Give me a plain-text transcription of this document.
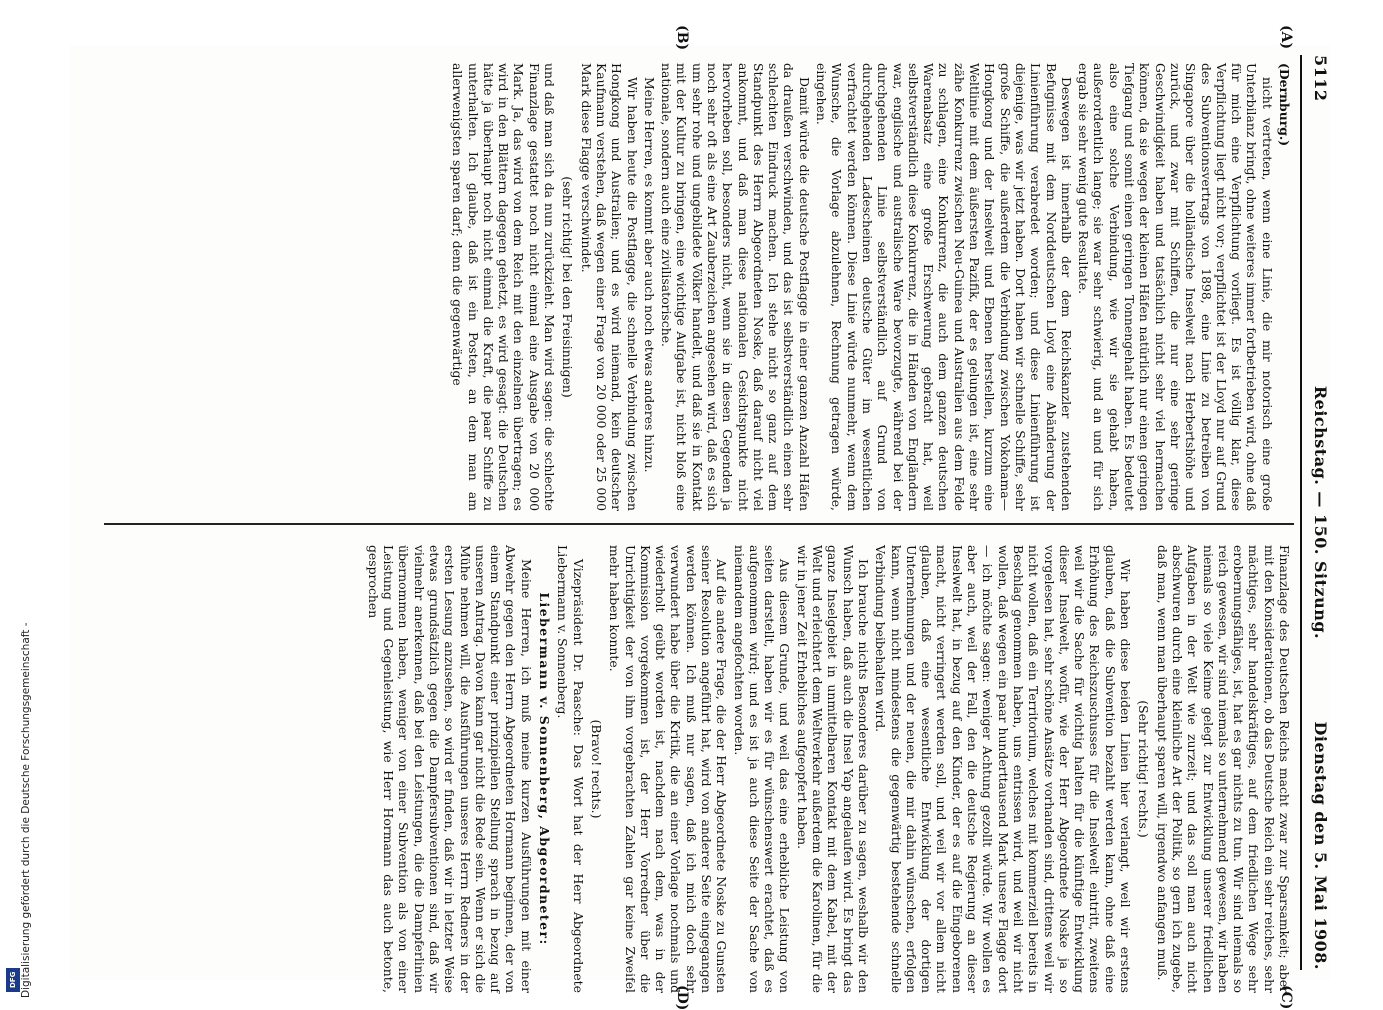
5112
Reichstag. — 150. Sitzung.
Dienstag den 5. Mai 1908.
(A)
(B)
(C)
(D)

(Dernburg.)

nicht vertreten, wenn eine Linie, die mir notorisch eine große Unterbilanz bringt, ohne weiteres immer fortbetrieben wird, ohne daß für mich eine Verpflichtung vorliegt. Es ist völlig klar, diese Verpflichtung liegt nicht vor; verpflichtet ist der Lloyd nur auf Grund des Subventionsvertrags von 1898, eine Linie zu betreiben von Singapore über die holländische Inselwelt nach Herbertshöhe und zurück, und zwar mit Schiffen, die nur eine sehr geringe Geschwindigkeit haben und tatsächlich nicht sehr viel hermachen können, da sie wegen der kleinen Häfen natürlich nur einen geringen Tiefgang und somit einen geringen Tonnengehalt haben. Es bedeutet also eine solche Verbindung, wie wir sie gehabt haben, außerordentlich lange; sie war sehr schwierig, und an und für sich ergab sie sehr wenig gute Resultate.

Deswegen ist innerhalb der dem Reichskanzler zustehenden Befugnisse mit dem Norddeutschen Lloyd eine Abänderung der Linienführung verabredet worden; und diese Linienführung ist diejenige, was wir jetzt haben. Dort haben wir schnelle Schiffe, sehr große Schiffe, die außerdem die Verbindung zwischen Yokohama—Hongkong und der Inselwelt und Ebenen herstellen, kurzum eine Weltlinie mit dem äußersten Pazifik, der es gelungen ist, eine sehr zähe Konkurrenz zwischen Neu-Guinea und Australien aus dem Felde zu schlagen, eine Konkurrenz, die auch dem ganzen deutschen Warenabsatz eine große Erschwerung gebracht hat, weil selbstverständlich diese Konkurrenz, die in Händen von Engländern war, englische und australische Ware bevorzugte, während bei der durchgehenden Linie selbstverständlich auf Grund von durchgehenden Ladescheinen deutsche Güter im wesentlichen verfrachtet werden können. Diese Linie würde nunmehr, wenn dem Wunsche, die Vorlage abzulehnen, Rechnung getragen würde, eingehen.

Damit würde die deutsche Postflagge in einer ganzen Anzahl Häfen da draußen verschwinden, und das ist selbstverständlich einen sehr schlechten Eindruck machen. Ich stehe nicht so ganz auf dem Standpunkt des Herrn Abgeordneten Noske, daß darauf nicht viel ankommt, und daß man diese nationalen Gesichtspunkte nicht hervorheben soll, besonders nicht, wenn sie in diesen Gegenden ja noch sehr oft als eine Art Zauberzeichen angesehen wird, daß es sich um sehr rohe und ungebildete Völker handelt, und daß sie in Kontakt mit der Kultur zu bringen, eine wichtige Aufgabe ist, nicht bloß eine nationale, sondern auch eine zivilisatorische.

Meine Herren, es kommt aber auch noch etwas anderes hinzu.

Wir haben heute die Postflagge, die schnelle Verbindung zwischen Hongkong und Australien; und es wird niemand, kein deutscher Kaufmann verstehen, daß wegen einer Frage von 20 000 oder 25 000 Mark diese Flagge verschwindet.

(sehr richtig! bei den Freisinnigen)

und daß man sich da nun zurückzieht. Man wird sagen: die schlechte Finanzlage gestattet noch nicht einmal eine Ausgabe von 20 000 Mark. Ja, das wird von dem Reich mit den einzelnen übertragen; es wird in den Blättern dagegen gehetzt, es wird gesagt: die Deutschen hätte ja überhaupt noch nicht einmal die Kraft, die paar Schiffe zu unterhalten. Ich glaube, daß ist ein Posten, an dem man am allerwenigsten sparen darf; denn die gegenwärtige

Finanzlage des Deutschen Reichs macht zwar zur Sparsamkeit; aber mit den Konsiderationen, ob das Deutsche Reich ein sehr reiches, sehr mächtiges, sehr handelskräftiges, auf dem friedlichen Wege sehr erobernungsfähiges, ist, hat es gar nichts zu tun. Wir sind niemals so reich gewesen, wir sind niemals so unternehmend gewesen, wir haben niemals so viele Keime gelegt zur Entwicklung unserer friedlichen Aufgaben in der Welt wie zurzeit; und das soll man auch nicht abschwuren durch eine kleinliche Art der Politik, so gern ich zugebe, daß man, wenn man überhaupt sparen will, irgendwo anfangen muß.

(Sehr richtig! rechts.)

Wir haben diese beiden Linien hier verlangt, weil wir erstens glauben, daß die Subvention bezahlt werden kann, ohne daß eine Erhöhung des Reichszuschusses für die Inselwelt eintritt, zweitens weil wir die Sache für wichtig halten für die künftige Entwicklung dieser Inselwelt, wofür, wie der Herr Abgeordnete Noske ja so vorgelesen hat, sehr schöne Ansätze vorhanden sind, drittens weil wir nicht wollen, daß ein Territorium, welches mit kommerziell bereits in Beschlag genommen haben, uns entrissen wird, und weil wir nicht wollen, daß wegen ein paar hunderttausend Mark unsere Flagge dort — ich möchte sagen: weniger Achtung gezollt würde. Wir wollen es aber auch, weil der Fall, den die deutsche Regierung an dieser Inselwelt hat, in bezug auf den Kinder, der es auf die Eingeborenen macht, nicht verringert werden soll, und weil wir vor allem nicht glauben, daß eine wesentliche Entwicklung der dortigen Unternehmungen und der neuen, die mir dahin wünschen, erfolgen kann, wenn nicht mindestens die gegenwärtig bestehende schnelle Verbindung beibehalten wird.

Ich brauche nichts Besonderes darüber zu sagen, weshalb wir den Wunsch haben, daß auch die Insel Yap angelaufen wird. Es bringt das ganze Inselgebiet in unmittelbaren Kontakt mit dem Kabel, mit der Welt und erleichtert dem Weltverkehr außerdem die Karolinen, für die wir in jener Zeit Erhebliches aufgeopfert haben.

Aus diesem Grunde, und weil das eine erhebliche Leistung von seiten darstellt, haben wir es für wünschenswert erachtet, daß es aufgenommen wird; und es ist ja auch diese Seite der Sache von niemandem angefochten worden.

Auf die andere Frage, die der Herr Abgeordnete Noske zu Gunsten seiner Resolution angeführt hat, wird von anderer Seite eingegangen werden können. Ich muß nur sagen, daß ich mich doch sehr verwundert habe über die Kritik, die an einer Vorlage nochmals und wiederholt geübt worden ist, nachdem nach dem, was in der Kommission vorgekommen ist, der Herr Vorredner über die Unrichtigkeit der von ihm vorgebrachten Zahlen gar keine Zweifel mehr haben konnte.

(Bravo! rechts.)

Vizepräsident Dr. Paasche: Das Wort hat der Herr Abgeordnete Liebermann v. Sonnenberg.

Liebermann v. Sonnenberg, Abgeordneter:

Meine Herren, ich muß meine kurzen Ausführungen mit einer Abwehr gegen den Herrn Abgeordneten Hormann beginnen, der von einem Standpunkt einer prinzipiellen Stellung sprach in bezug auf unseren Antrag. Davon kann gar nicht die Rede sein. Wenn er sich die Mühe nehmen will, die Ausführungen unseres Herrn Redners in der ersten Lesung anzusehen, so wird er finden, daß wir in letzter Weise etwas grundsätzlich gegen die Dampfersubventionen sind, daß wir vielmehr anerkennen, daß bei den Leistungen, die die Dampferlinien übernommen haben, weniger von einer Subvention als von einer Leistung und Gegenleistung, wie Herr Hormann das auch betonte, gesprochen

Digitalisierung gefördert durch die Deutsche Forschungsgemeinschaft -
DFG
